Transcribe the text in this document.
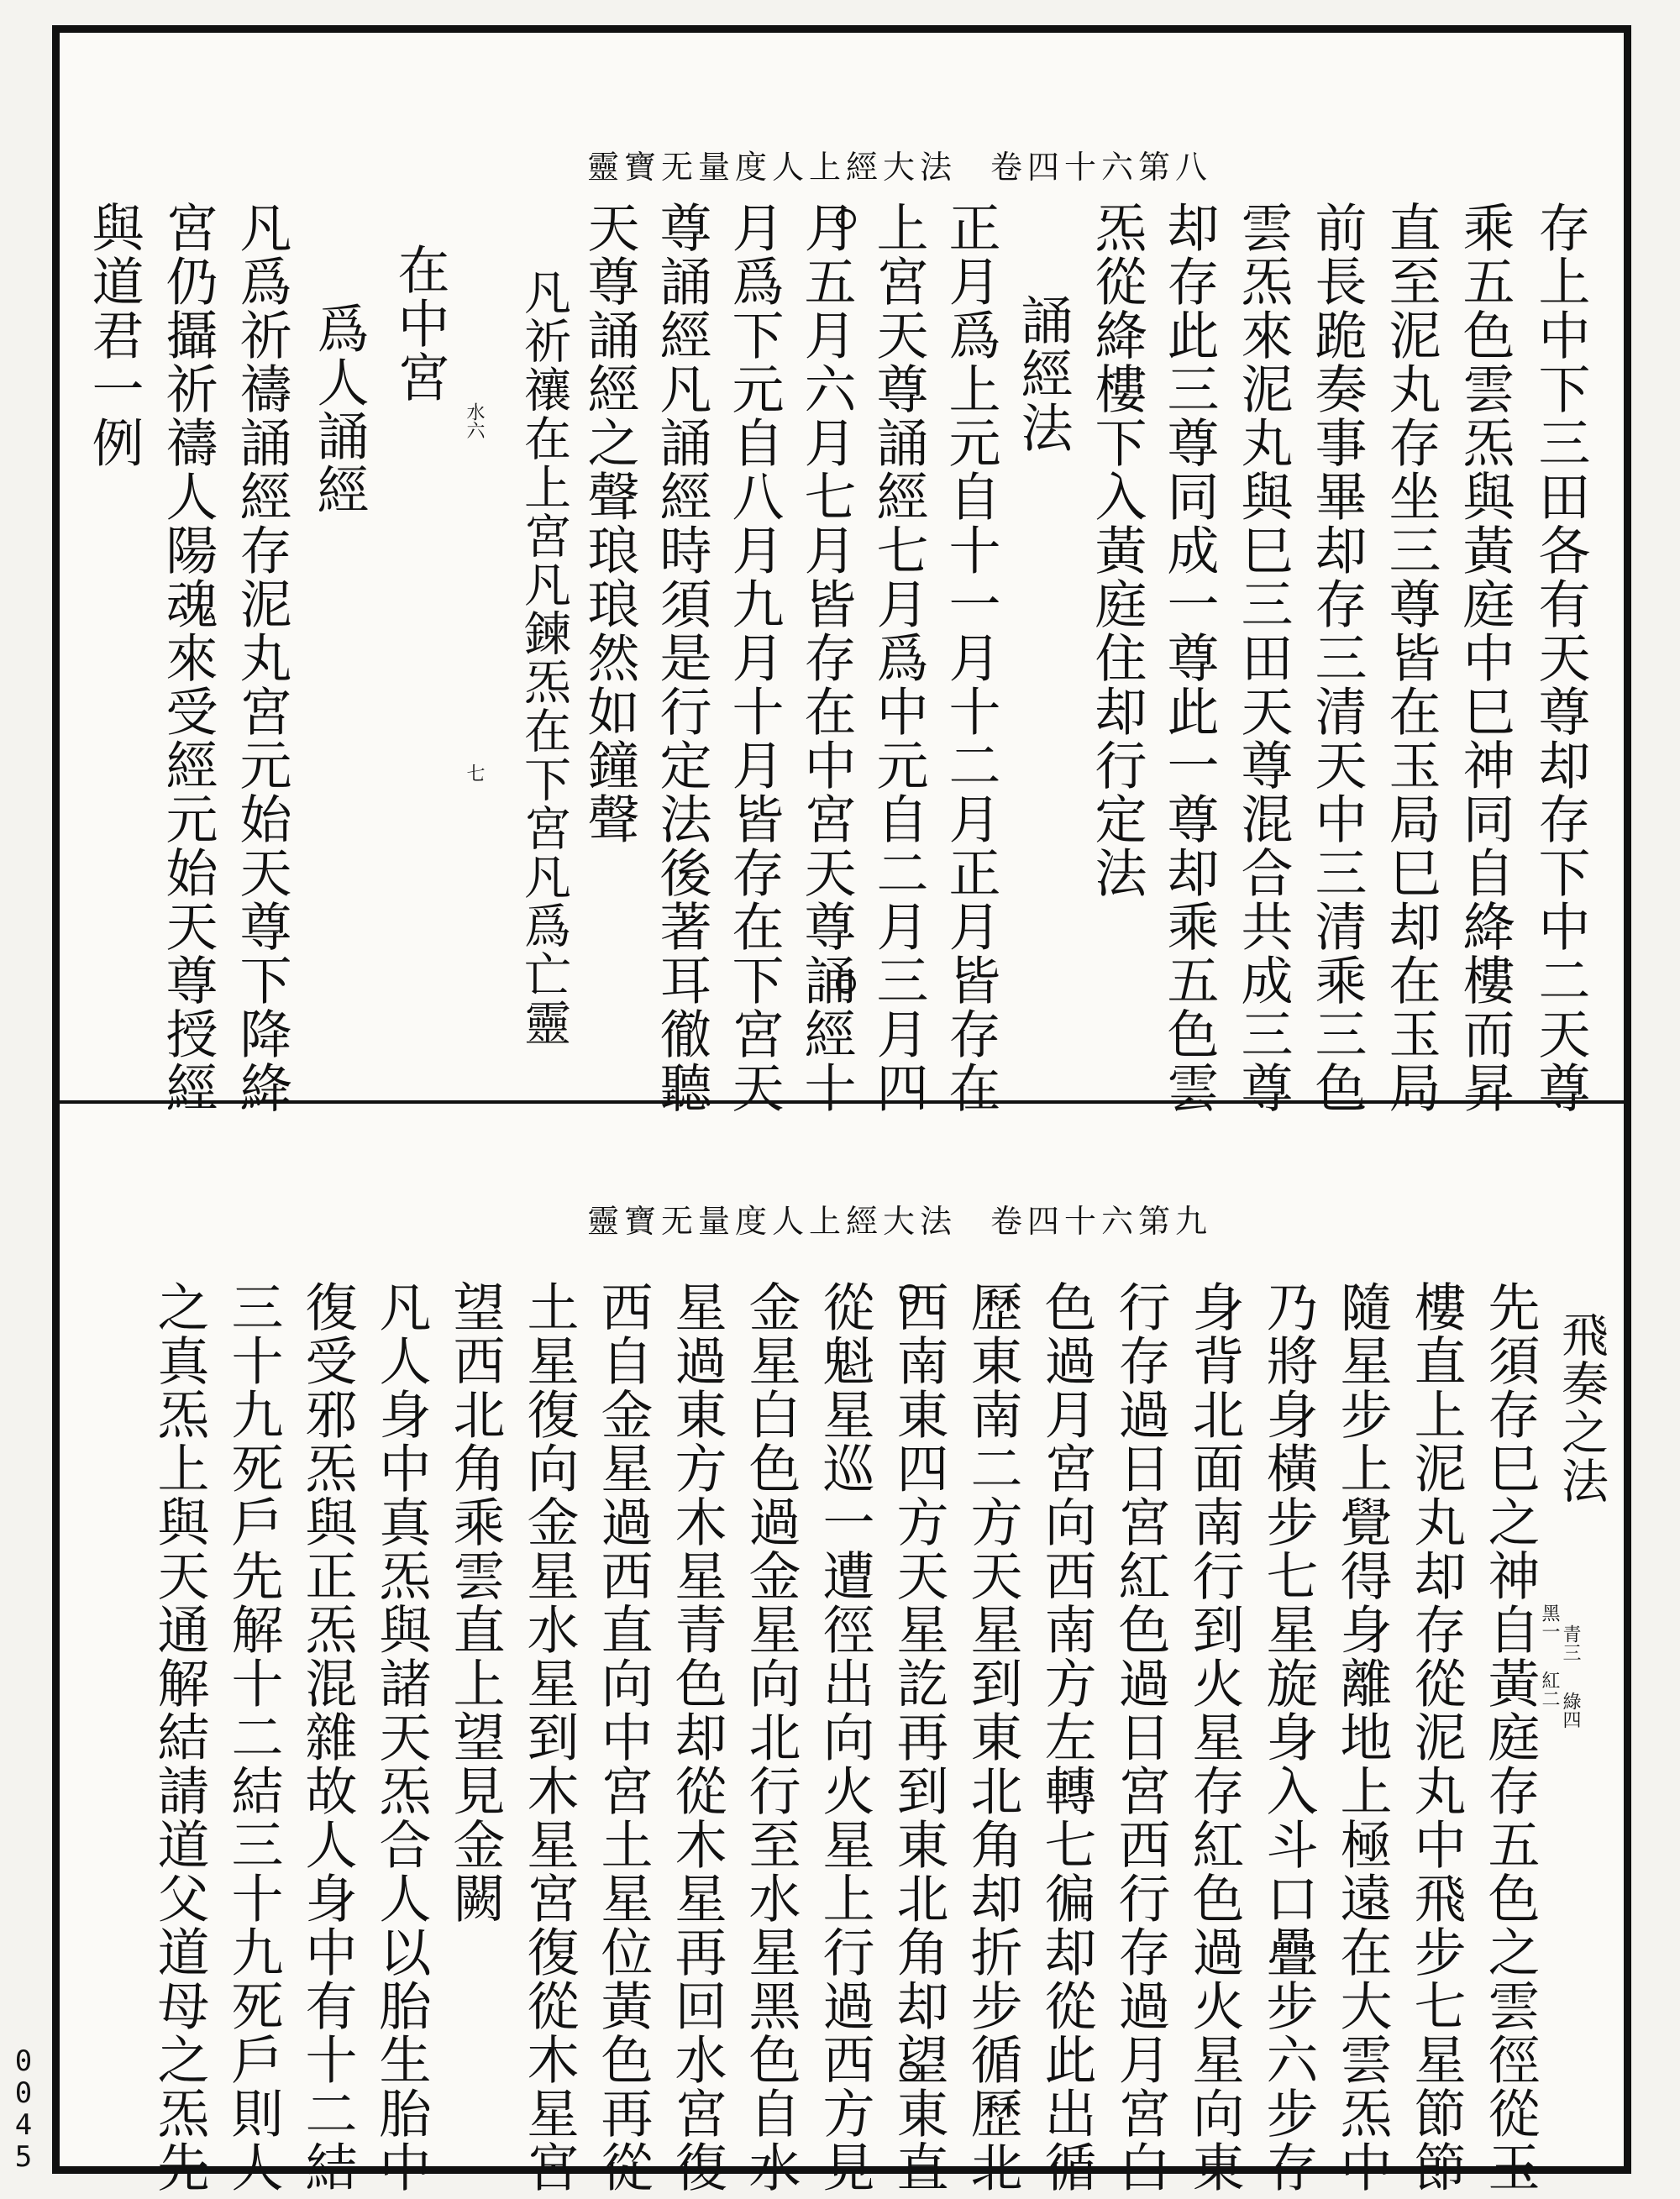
靈寶无量度人上經大法 卷四十六第八
存上中下三田各有天尊却存下中二天尊
乘五色雲炁與黃庭中巳神同自絳樓而昇
直至泥丸存坐三尊皆在玉局巳却在玉局
前長跪奏事畢却存三清天中三清乘三色
雲炁來泥丸與巳三田天尊混合共成三尊
却存此三尊同成一尊此一尊却乘五色雲
炁從絳樓下入黃庭住却行定法
誦經法
正月爲上元自十一月十二月正月皆存在
上宮天尊誦經七月爲中元自二月三月四
月五月六月七月皆存在中宮天尊誦經十
月爲下元自八月九月十月皆存在下宮天
尊誦經凡誦經時須是行定法後著耳徹聽
天尊誦經之聲琅琅然如鐘聲
凡祈禳在上宮凡鍊炁在下宮凡爲亡靈
在中宮
爲人誦經
凡爲祈禱誦經存泥丸宮元始天尊下降絳
宮仍攝祈禱人陽魂來受經元始天尊授經
與道君一例	水六
七
靈寶无量度人上經大法 卷四十六第九
飛奏之法
先須存巳之神自黃庭存五色之雲徑從玉
樓直上泥丸却存從泥丸中飛步七星節節
隨星步上覺得身離地上極遠在大雲炁中
乃將身橫步七星旋身入斗口疊步六步存
身背北面南行到火星存紅色過火星向東
行存過日宮紅色過日宮西行存過月宮白
色過月宮向西南方左轉七徧却從此出循
歷東南二方天星到東北角却折步循歷北
西南東四方天星訖再到東北角却望東直
從魁星巡一遭徑出向火星上行過西方見
金星白色過金星向北行至水星黑色自水
星過東方木星青色却從木星再回水宮復
西自金星過西直向中宮土星位黃色再從
土星復向金星水星到木星宮復從木星宮
望西北角乘雲直上望見金闕
凡人身中真炁與諸天炁合人以胎生胎中
復受邪炁與正炁混雜故人身中有十二結
三十九死戶先解十二結三十九死戶則人
之真炁上與天通解結請道父道母之炁先	青三
黑一
綠四
紅二
0
0
4
5
